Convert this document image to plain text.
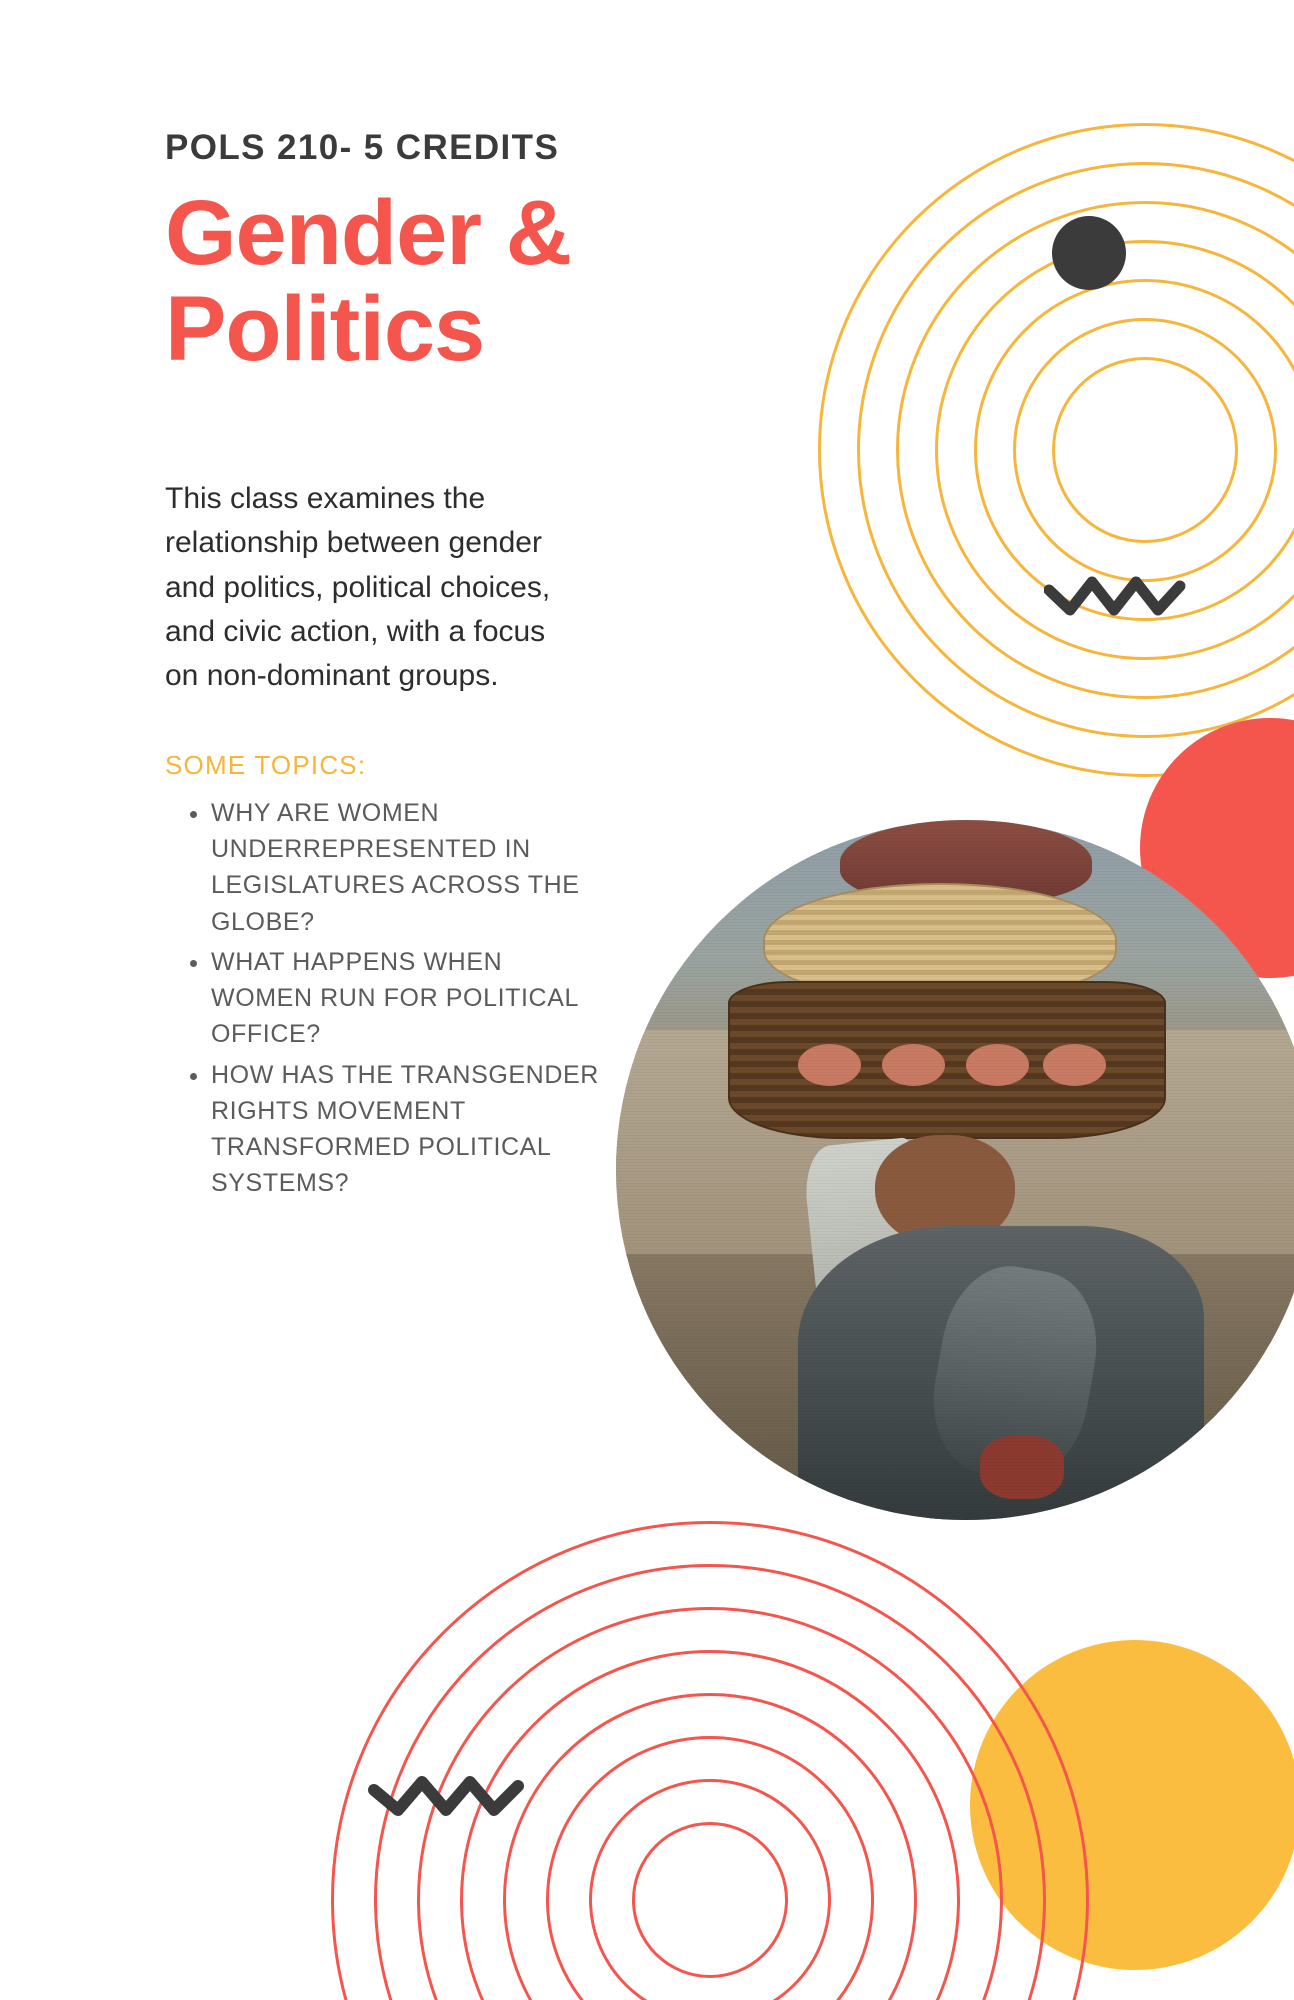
POLS 210- 5 CREDITS
Gender & Politics

This class examines the relationship between gender and politics, political choices, and civic action, with a focus on non-dominant groups.

SOME TOPICS:
• WHY ARE WOMEN UNDERREPRESENTED IN LEGISLATURES ACROSS THE GLOBE?
• WHAT HAPPENS WHEN WOMEN RUN FOR POLITICAL OFFICE?
• HOW HAS THE TRANSGENDER RIGHTS MOVEMENT TRANSFORMED POLITICAL SYSTEMS?
